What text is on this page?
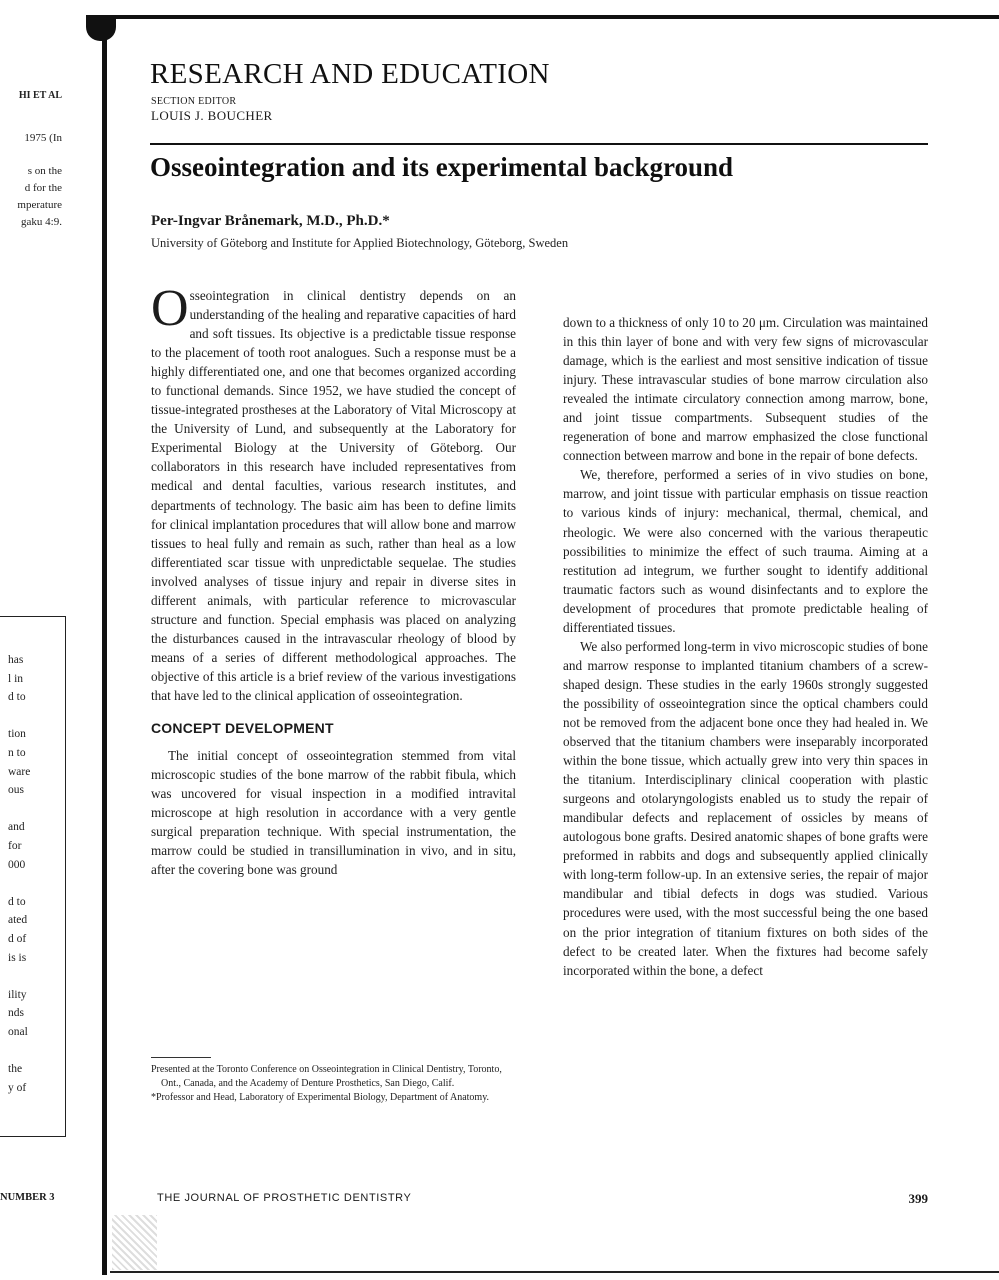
HI ET AL

1975 (In

s on the

d for the

mperature

gaku 4:9.

has

l in

d to

tion

n to

ware

ous

and

for

000

d to

ated

d of

is is

ility

nds

onal

the

y of

NUMBER 3
RESEARCH AND EDUCATION
SECTION EDITOR
LOUIS J. BOUCHER
Osseointegration and its experimental background
Per-Ingvar Brånemark, M.D., Ph.D.*
University of Göteborg and Institute for Applied Biotechnology, Göteborg, Sweden

Osseointegration in clinical dentistry depends on an understanding of the healing and reparative capacities of hard and soft tissues. Its objective is a predictable tissue response to the placement of tooth root analogues. Such a response must be a highly differentiated one, and one that becomes organized according to functional demands. Since 1952, we have studied the concept of tissue-integrated prostheses at the Laboratory of Vital Microscopy at the University of Lund, and subsequently at the Laboratory for Experimental Biology at the University of Göteborg. Our collaborators in this research have included representatives from medical and dental faculties, various research institutes, and departments of technology. The basic aim has been to define limits for clinical implantation procedures that will allow bone and marrow tissues to heal fully and remain as such, rather than heal as a low differentiated scar tissue with unpredictable sequelae. The studies involved analyses of tissue injury and repair in diverse sites in different animals, with particular reference to microvascular structure and function. Special emphasis was placed on analyzing the disturbances caused in the intravascular rheology of blood by means of a series of different methodological approaches. The objective of this article is a brief review of the various investigations that have led to the clinical application of osseointegration.

CONCEPT DEVELOPMENT

The initial concept of osseointegration stemmed from vital microscopic studies of the bone marrow of the rabbit fibula, which was uncovered for visual inspection in a modified intravital microscope at high resolution in accordance with a very gentle surgical preparation technique. With special instrumentation, the marrow could be studied in transillumination in vivo, and in situ, after the covering bone was ground

down to a thickness of only 10 to 20 μm. Circulation was maintained in this thin layer of bone and with very few signs of microvascular damage, which is the earliest and most sensitive indication of tissue injury. These intravascular studies of bone marrow circulation also revealed the intimate circulatory connection among marrow, bone, and joint tissue compartments. Subsequent studies of the regeneration of bone and marrow emphasized the close functional connection between marrow and bone in the repair of bone defects.

We, therefore, performed a series of in vivo studies on bone, marrow, and joint tissue with particular emphasis on tissue reaction to various kinds of injury: mechanical, thermal, chemical, and rheologic. We were also concerned with the various therapeutic possibilities to minimize the effect of such trauma. Aiming at a restitution ad integrum, we further sought to identify additional traumatic factors such as wound disinfectants and to explore the development of procedures that promote predictable healing of differentiated tissues.

We also performed long-term in vivo microscopic studies of bone and marrow response to implanted titanium chambers of a screw-shaped design. These studies in the early 1960s strongly suggested the possibility of osseointegration since the optical chambers could not be removed from the adjacent bone once they had healed in. We observed that the titanium chambers were inseparably incorporated within the bone tissue, which actually grew into very thin spaces in the titanium. Interdisciplinary clinical cooperation with plastic surgeons and otolaryngologists enabled us to study the repair of mandibular defects and replacement of ossicles by means of autologous bone grafts. Desired anatomic shapes of bone grafts were preformed in rabbits and dogs and subsequently applied clinically with long-term follow-up. In an extensive series, the repair of major mandibular and tibial defects in dogs was studied. Various procedures were used, with the most successful being the one based on the prior integration of titanium fixtures on both sides of the defect to be created later. When the fixtures had become safely incorporated within the bone, a defect

Presented at the Toronto Conference on Osseointegration in Clinical Dentistry, Toronto, Ont., Canada, and the Academy of Denture Prosthetics, San Diego, Calif.

*Professor and Head, Laboratory of Experimental Biology, Department of Anatomy.

THE JOURNAL OF PROSTHETIC DENTISTRY	399
